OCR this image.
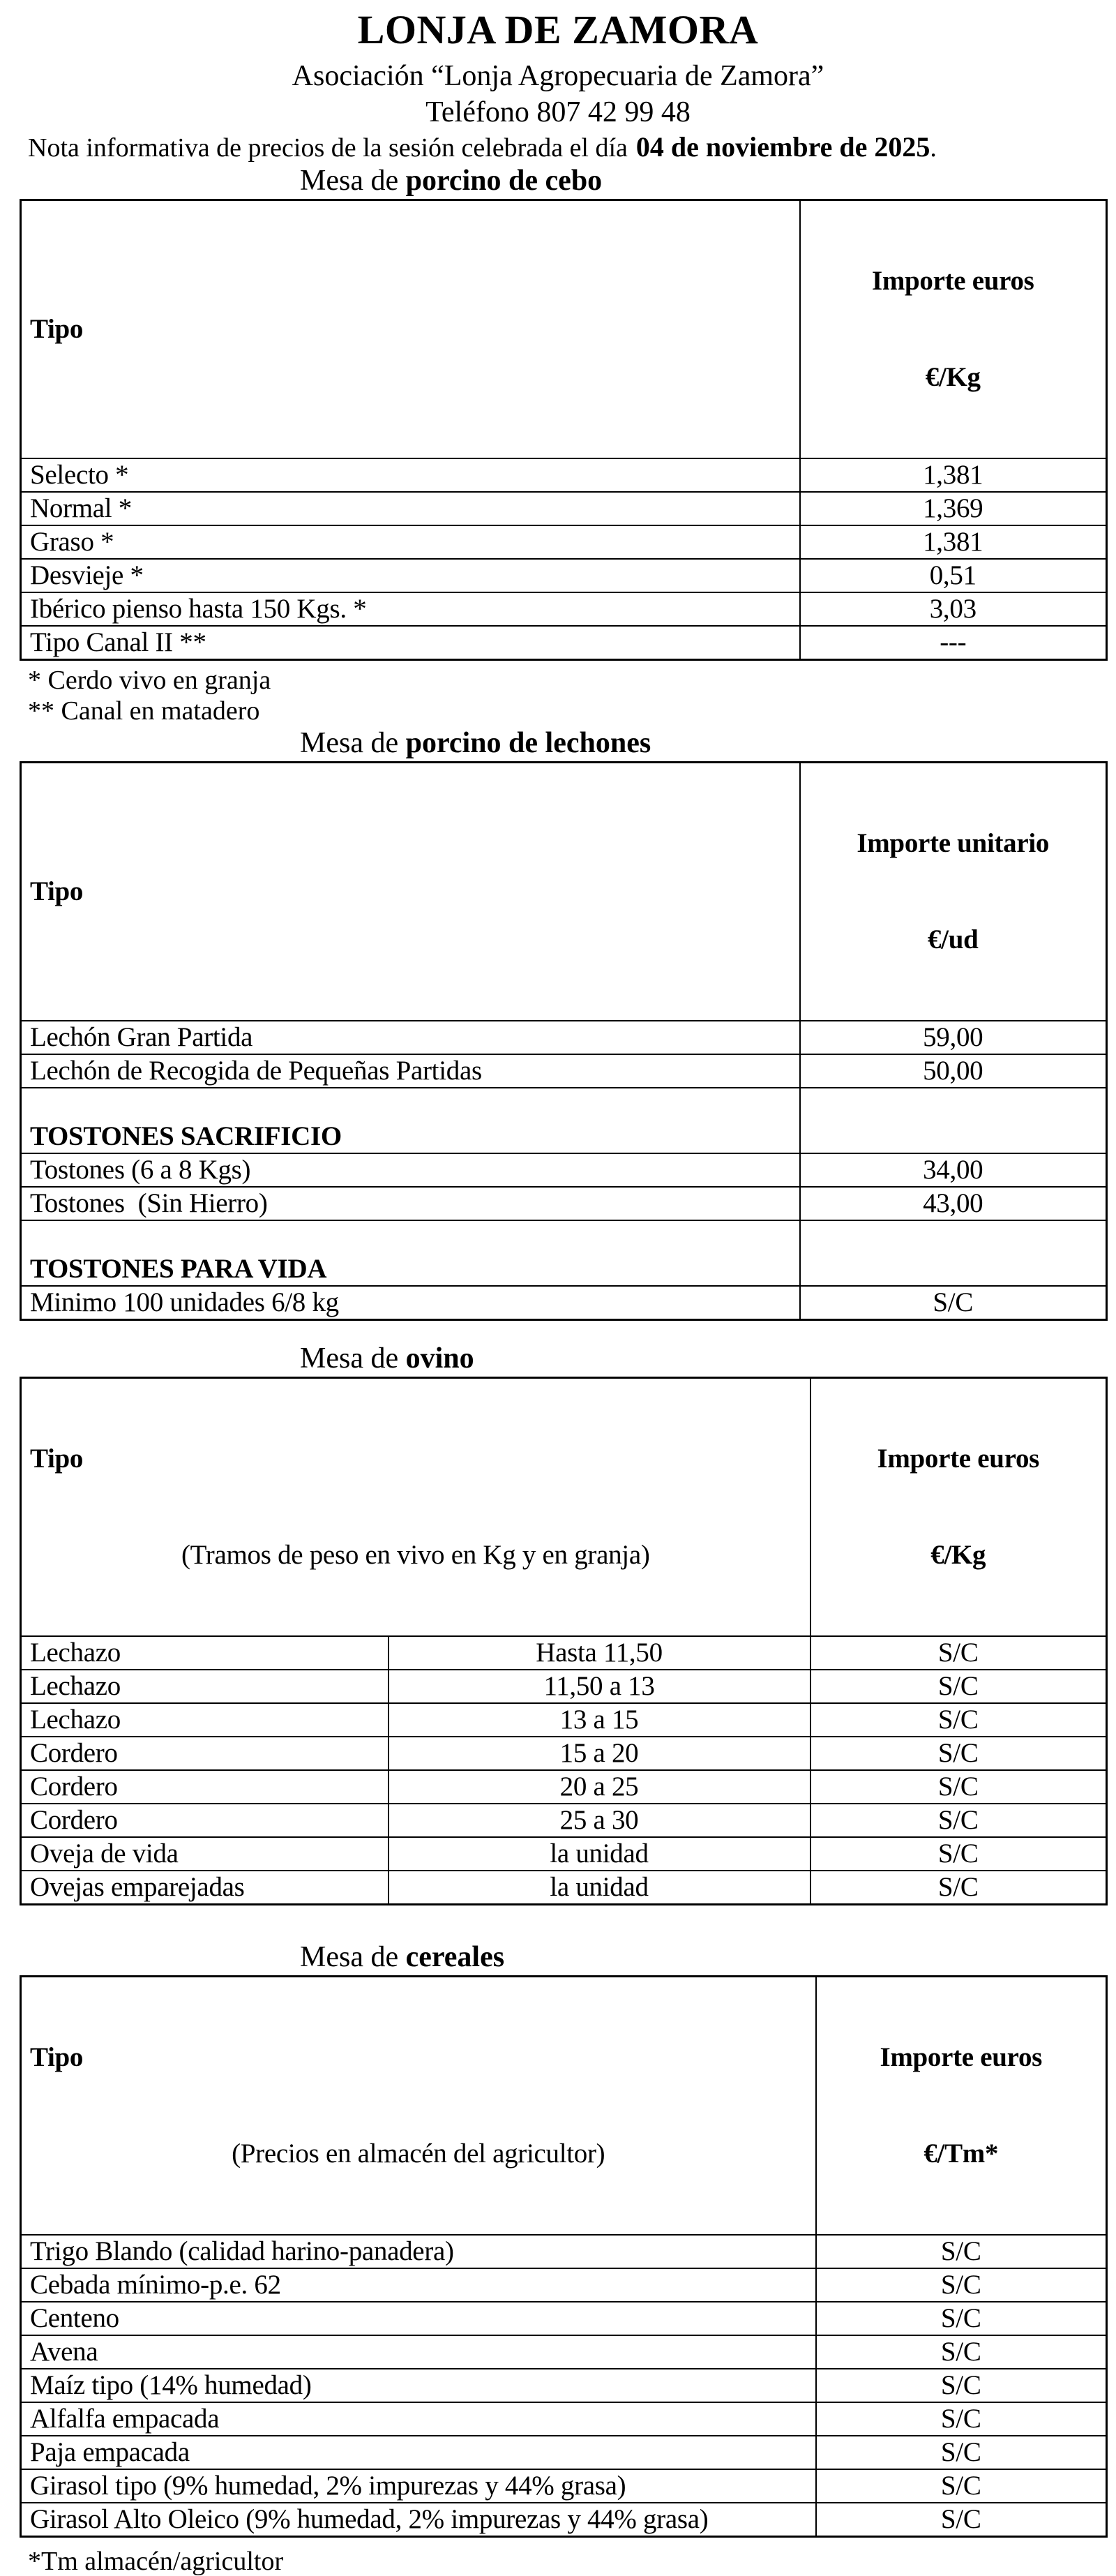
LONJA DE ZAMORA
Asociación “Lonja Agropecuaria de Zamora”
Teléfono 807 42 99 48
Nota informativa de precios de la sesión celebrada el día 04 de noviembre de 2025.
Mesa de porcino de cebo
Tipo	Importe euros

€/Kg

Selecto *	1,381
Normal *	1,369
Graso *	1,381
Desvieje *	0,51
Ibérico pienso hasta 150 Kgs. *	3,03
Tipo Canal II **	---
* Cerdo vivo en granja
** Canal en matadero
Mesa de porcino de lechones
Tipo	Importe unitario

€/ud

Lechón Gran Partida	59,00
Lechón de Recogida de Pequeñas Partidas	50,00
TOSTONES SACRIFICIO	
Tostones (6 a 8 Kgs)	34,00
Tostones  (Sin Hierro)	43,00
TOSTONES PARA VIDA	
Minimo 100 unidades 6/8 kg	S/C
Mesa de ovino

Tipo

(Tramos de peso en vivo en Kg y en granja)

Importe euros

€/Kg

Lechazo	Hasta 11,50	S/C
Lechazo	11,50 a 13	S/C
Lechazo	13 a 15	S/C
Cordero	15 a 20	S/C
Cordero	20 a 25	S/C
Cordero	25 a 30	S/C
Oveja de vida	la unidad	S/C
Ovejas emparejadas	la unidad	S/C
Mesa de cereales

Tipo

(Precios en almacén del agricultor)

Importe euros

€/Tm*

Trigo Blando (calidad harino-panadera)	S/C
Cebada mínimo-p.e. 62	S/C
Centeno	S/C
Avena	S/C
Maíz tipo (14% humedad)	S/C
Alfalfa empacada	S/C
Paja empacada	S/C
Girasol tipo (9% humedad, 2% impurezas y 44% grasa)	S/C
Girasol Alto Oleico (9% humedad, 2% impurezas y 44% grasa)	S/C
*Tm almacén/agricultor
